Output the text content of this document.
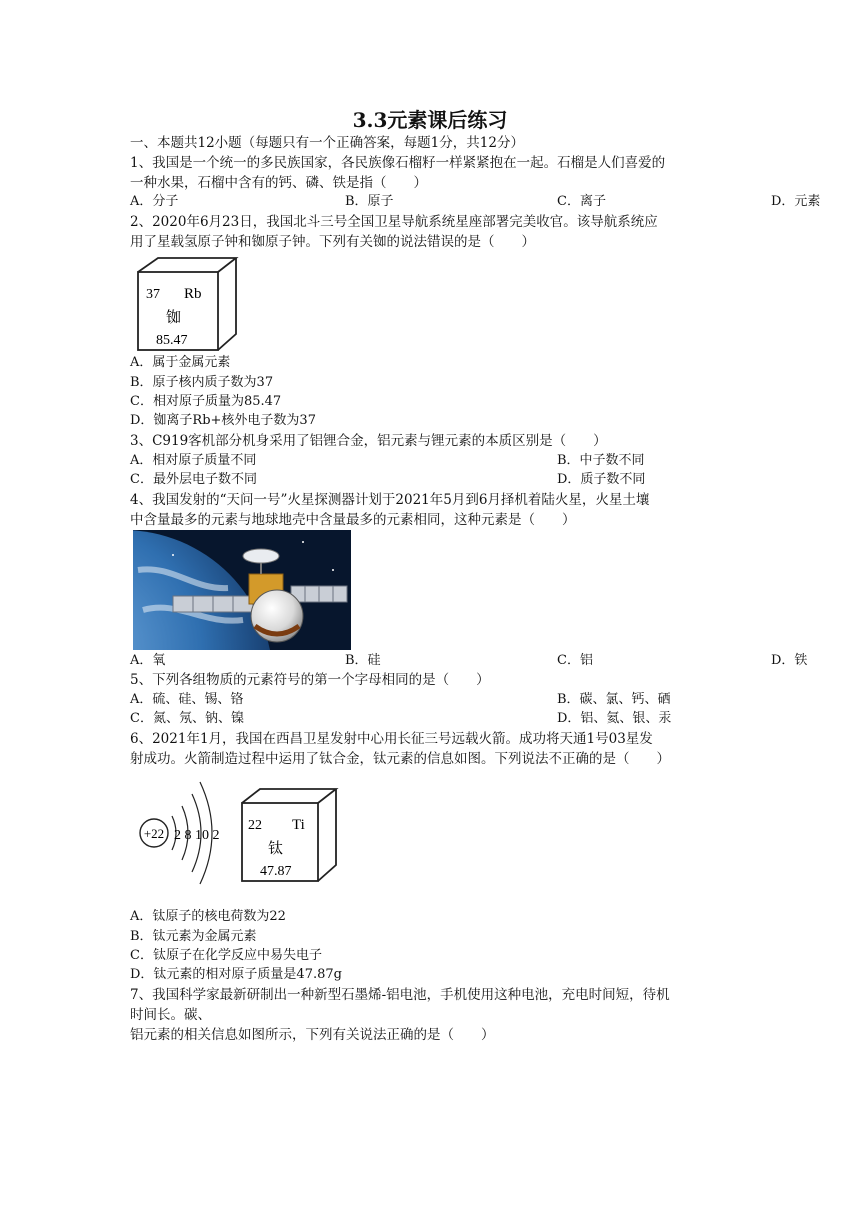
3.3元素课后练习
一、本题共12小题（每题只有一个正确答案，每题1分，共12分）
1、我国是一个统一的多民族国家，各民族像石榴籽一样紧紧抱在一起。石榴是人们喜爱的
一种水果，石榴中含有的钙、磷、铁是指（　　）
A．分子	B．原子	C．离子	D．元素
2、2020年6月23日，我国北斗三号全国卫星导航系统星座部署完美收官。该导航系统应
用了星载氢原子钟和铷原子钟。下列有关铷的说法错误的是（　　）
37 Rb
铷
85.47
A．属于金属元素
B．原子核内质子数为37
C．相对原子质量为85.47
D．铷离子Rb+核外电子数为37
3、C919客机部分机身采用了铝锂合金，铝元素与锂元素的本质区别是（　　）
A．相对原子质量不同	B．中子数不同
C．最外层电子数不同	D．质子数不同
4、我国发射的“天问一号”火星探测器计划于2021年5月到6月择机着陆火星，火星土壤
中含量最多的元素与地球地壳中含量最多的元素相同，这种元素是（　　）
A．氧	B．硅	C．铝	D．铁
5、下列各组物质的元素符号的第一个字母相同的是（　　）
A．硫、硅、锡、铬	B．碳、氯、钙、硒
C．氮、氖、钠、镍	D．铝、氦、银、汞
6、2021年1月，我国在西昌卫星发射中心用长征三号远载火箭。成功将天通1号03星发
射成功。火箭制造过程中运用了钛合金，钛元素的信息如图。下列说法不正确的是（　　）
+22 2 8 10 2
22 Ti
钛
47.87
A．钛原子的核电荷数为22
B．钛元素为金属元素
C．钛原子在化学反应中易失电子
D．钛元素的相对原子质量是47.87g
7、我国科学家最新研制出一种新型石墨烯-铝电池，手机使用这种电池，充电时间短，待机
时间长。碳、
铝元素的相关信息如图所示，下列有关说法正确的是（　　）
